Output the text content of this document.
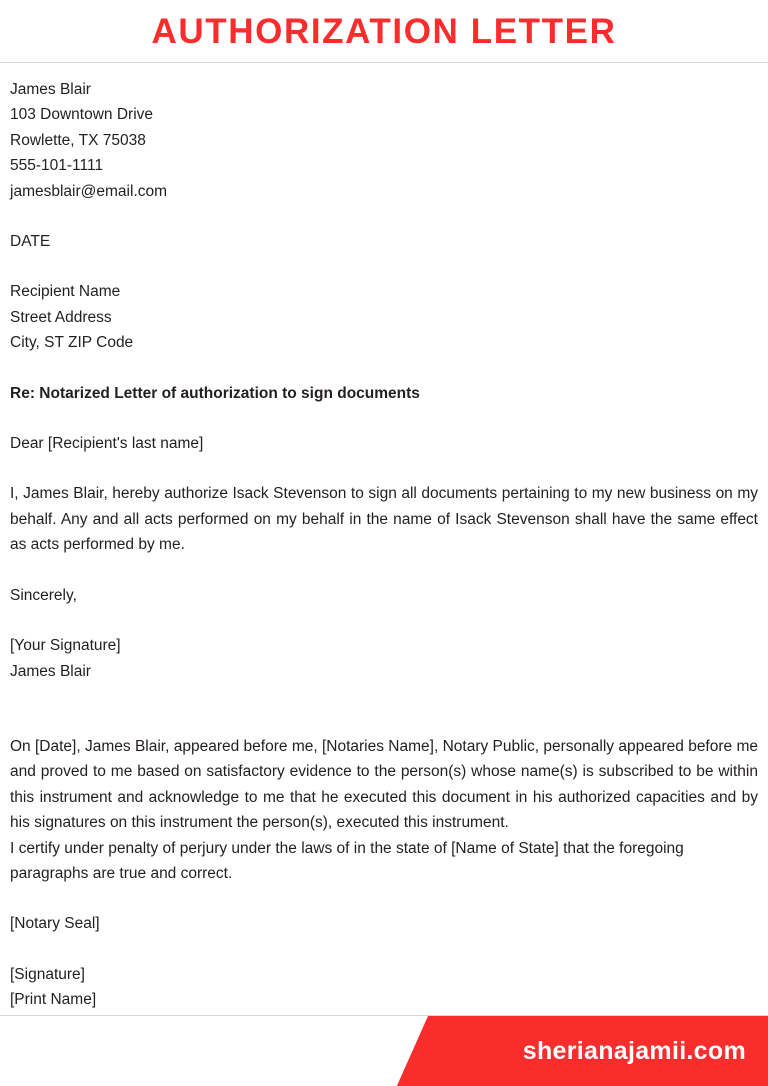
AUTHORIZATION LETTER
James Blair
103 Downtown Drive
Rowlette, TX 75038
555-101-1111
jamesblair@email.com
DATE
Recipient Name
Street Address
City, ST ZIP Code
Re: Notarized Letter of authorization to sign documents
Dear [Recipient's last name]
I, James Blair, hereby authorize Isack Stevenson to sign all documents pertaining to my new business on my behalf. Any and all acts performed on my behalf in the name of Isack Stevenson shall have the same effect as acts performed by me.
Sincerely,
[Your Signature]
James Blair
On [Date], James Blair, appeared before me, [Notaries Name], Notary Public, personally appeared before me and proved to me based on satisfactory evidence to the person(s) whose name(s) is subscribed to be within this instrument and acknowledge to me that he executed this document in his authorized capacities and by his signatures on this instrument the person(s), executed this instrument.
I certify under penalty of perjury under the laws of in the state of [Name of State] that the foregoing paragraphs are true and correct.
[Notary Seal]
[Signature]
[Print Name]
sherianajamii.com
